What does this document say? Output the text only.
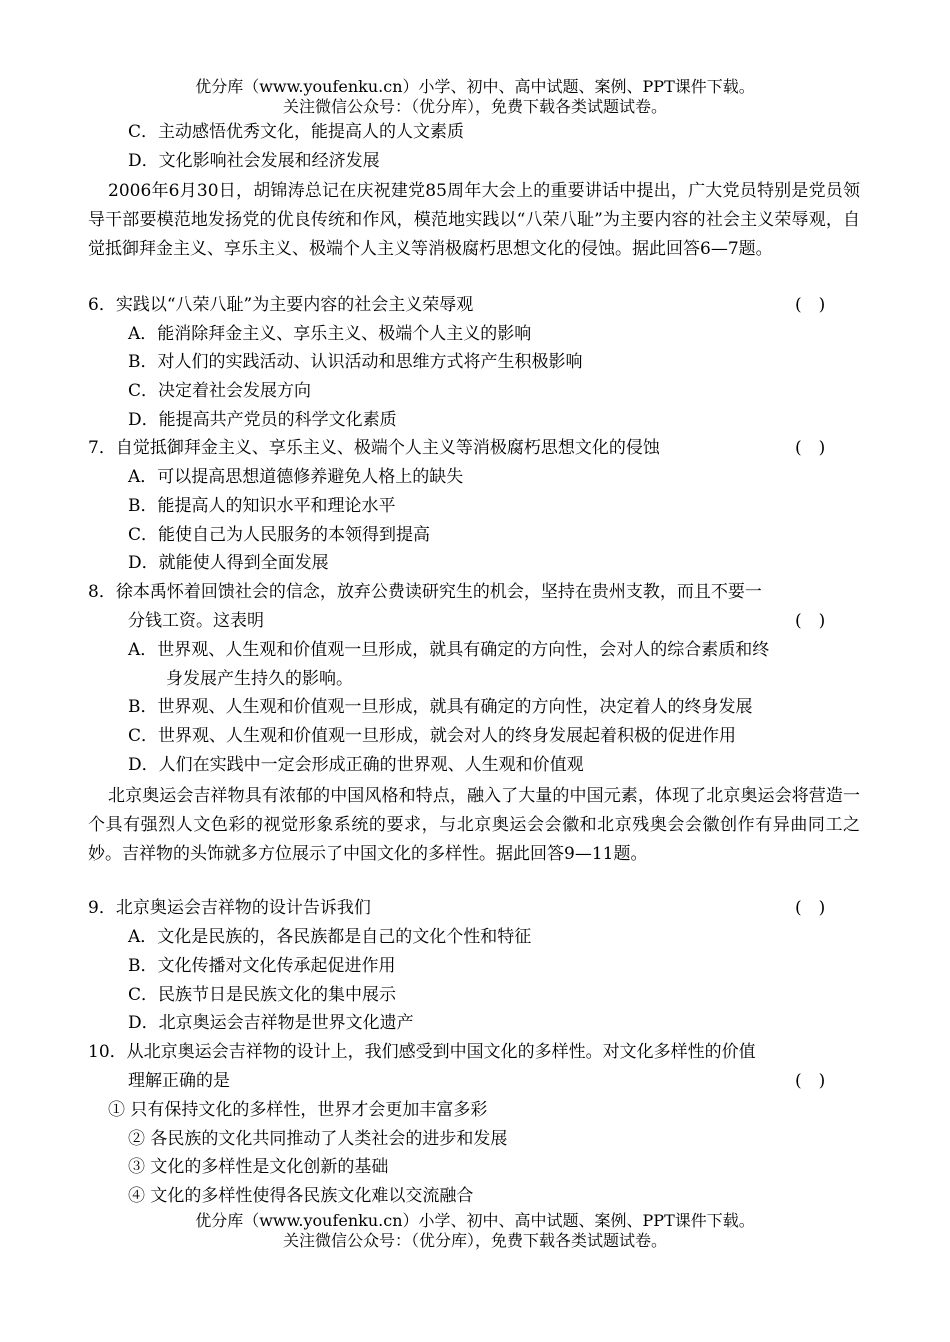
优分库（www.youfenku.cn）小学、初中、高中试题、案例、PPT课件下载。
关注微信公众号：（优分库），免费下载各类试题试卷。
C．主动感悟优秀文化，能提高人的人文素质
D．文化影响社会发展和经济发展
2006年6月30日，胡锦涛总记在庆祝建党85周年大会上的重要讲话中提出，广大党员特别是党员领导干部要模范地发扬党的优良传统和作风，模范地实践以“八荣八耻”为主要内容的社会主义荣辱观，自觉抵御拜金主义、享乐主义、极端个人主义等消极腐朽思想文化的侵蚀。据此回答6—7题。
6．实践以“八荣八耻”为主要内容的社会主义荣辱观	(　)
A．能消除拜金主义、享乐主义、极端个人主义的影响
B．对人们的实践活动、认识活动和思维方式将产生积极影响
C．决定着社会发展方向
D．能提高共产党员的科学文化素质
7．自觉抵御拜金主义、享乐主义、极端个人主义等消极腐朽思想文化的侵蚀	(　)
A．可以提高思想道德修养避免人格上的缺失
B．能提高人的知识水平和理论水平
C．能使自己为人民服务的本领得到提高
D．就能使人得到全面发展
8．徐本禹怀着回馈社会的信念，放弃公费读研究生的机会，坚持在贵州支教，而且不要一
分钱工资。这表明	(　)
A．世界观、人生观和价值观一旦形成，就具有确定的方向性，会对人的综合素质和终
身发展产生持久的影响。
B．世界观、人生观和价值观一旦形成，就具有确定的方向性，决定着人的终身发展
C．世界观、人生观和价值观一旦形成，就会对人的终身发展起着积极的促进作用
D．人们在实践中一定会形成正确的世界观、人生观和价值观
北京奥运会吉祥物具有浓郁的中国风格和特点，融入了大量的中国元素，体现了北京奥运会将营造一个具有强烈人文色彩的视觉形象系统的要求，与北京奥运会会徽和北京残奥会会徽创作有异曲同工之妙。吉祥物的头饰就多方位展示了中国文化的多样性。据此回答9—11题。
9．北京奥运会吉祥物的设计告诉我们	(　)
A．文化是民族的，各民族都是自己的文化个性和特征
B．文化传播对文化传承起促进作用
C．民族节日是民族文化的集中展示
D．北京奥运会吉祥物是世界文化遗产
10．从北京奥运会吉祥物的设计上，我们感受到中国文化的多样性。对文化多样性的价值
理解正确的是	(　)
① 只有保持文化的多样性，世界才会更加丰富多彩
② 各民族的文化共同推动了人类社会的进步和发展
③ 文化的多样性是文化创新的基础
④ 文化的多样性使得各民族文化难以交流融合
优分库（www.youfenku.cn）小学、初中、高中试题、案例、PPT课件下载。
关注微信公众号：（优分库），免费下载各类试题试卷。
